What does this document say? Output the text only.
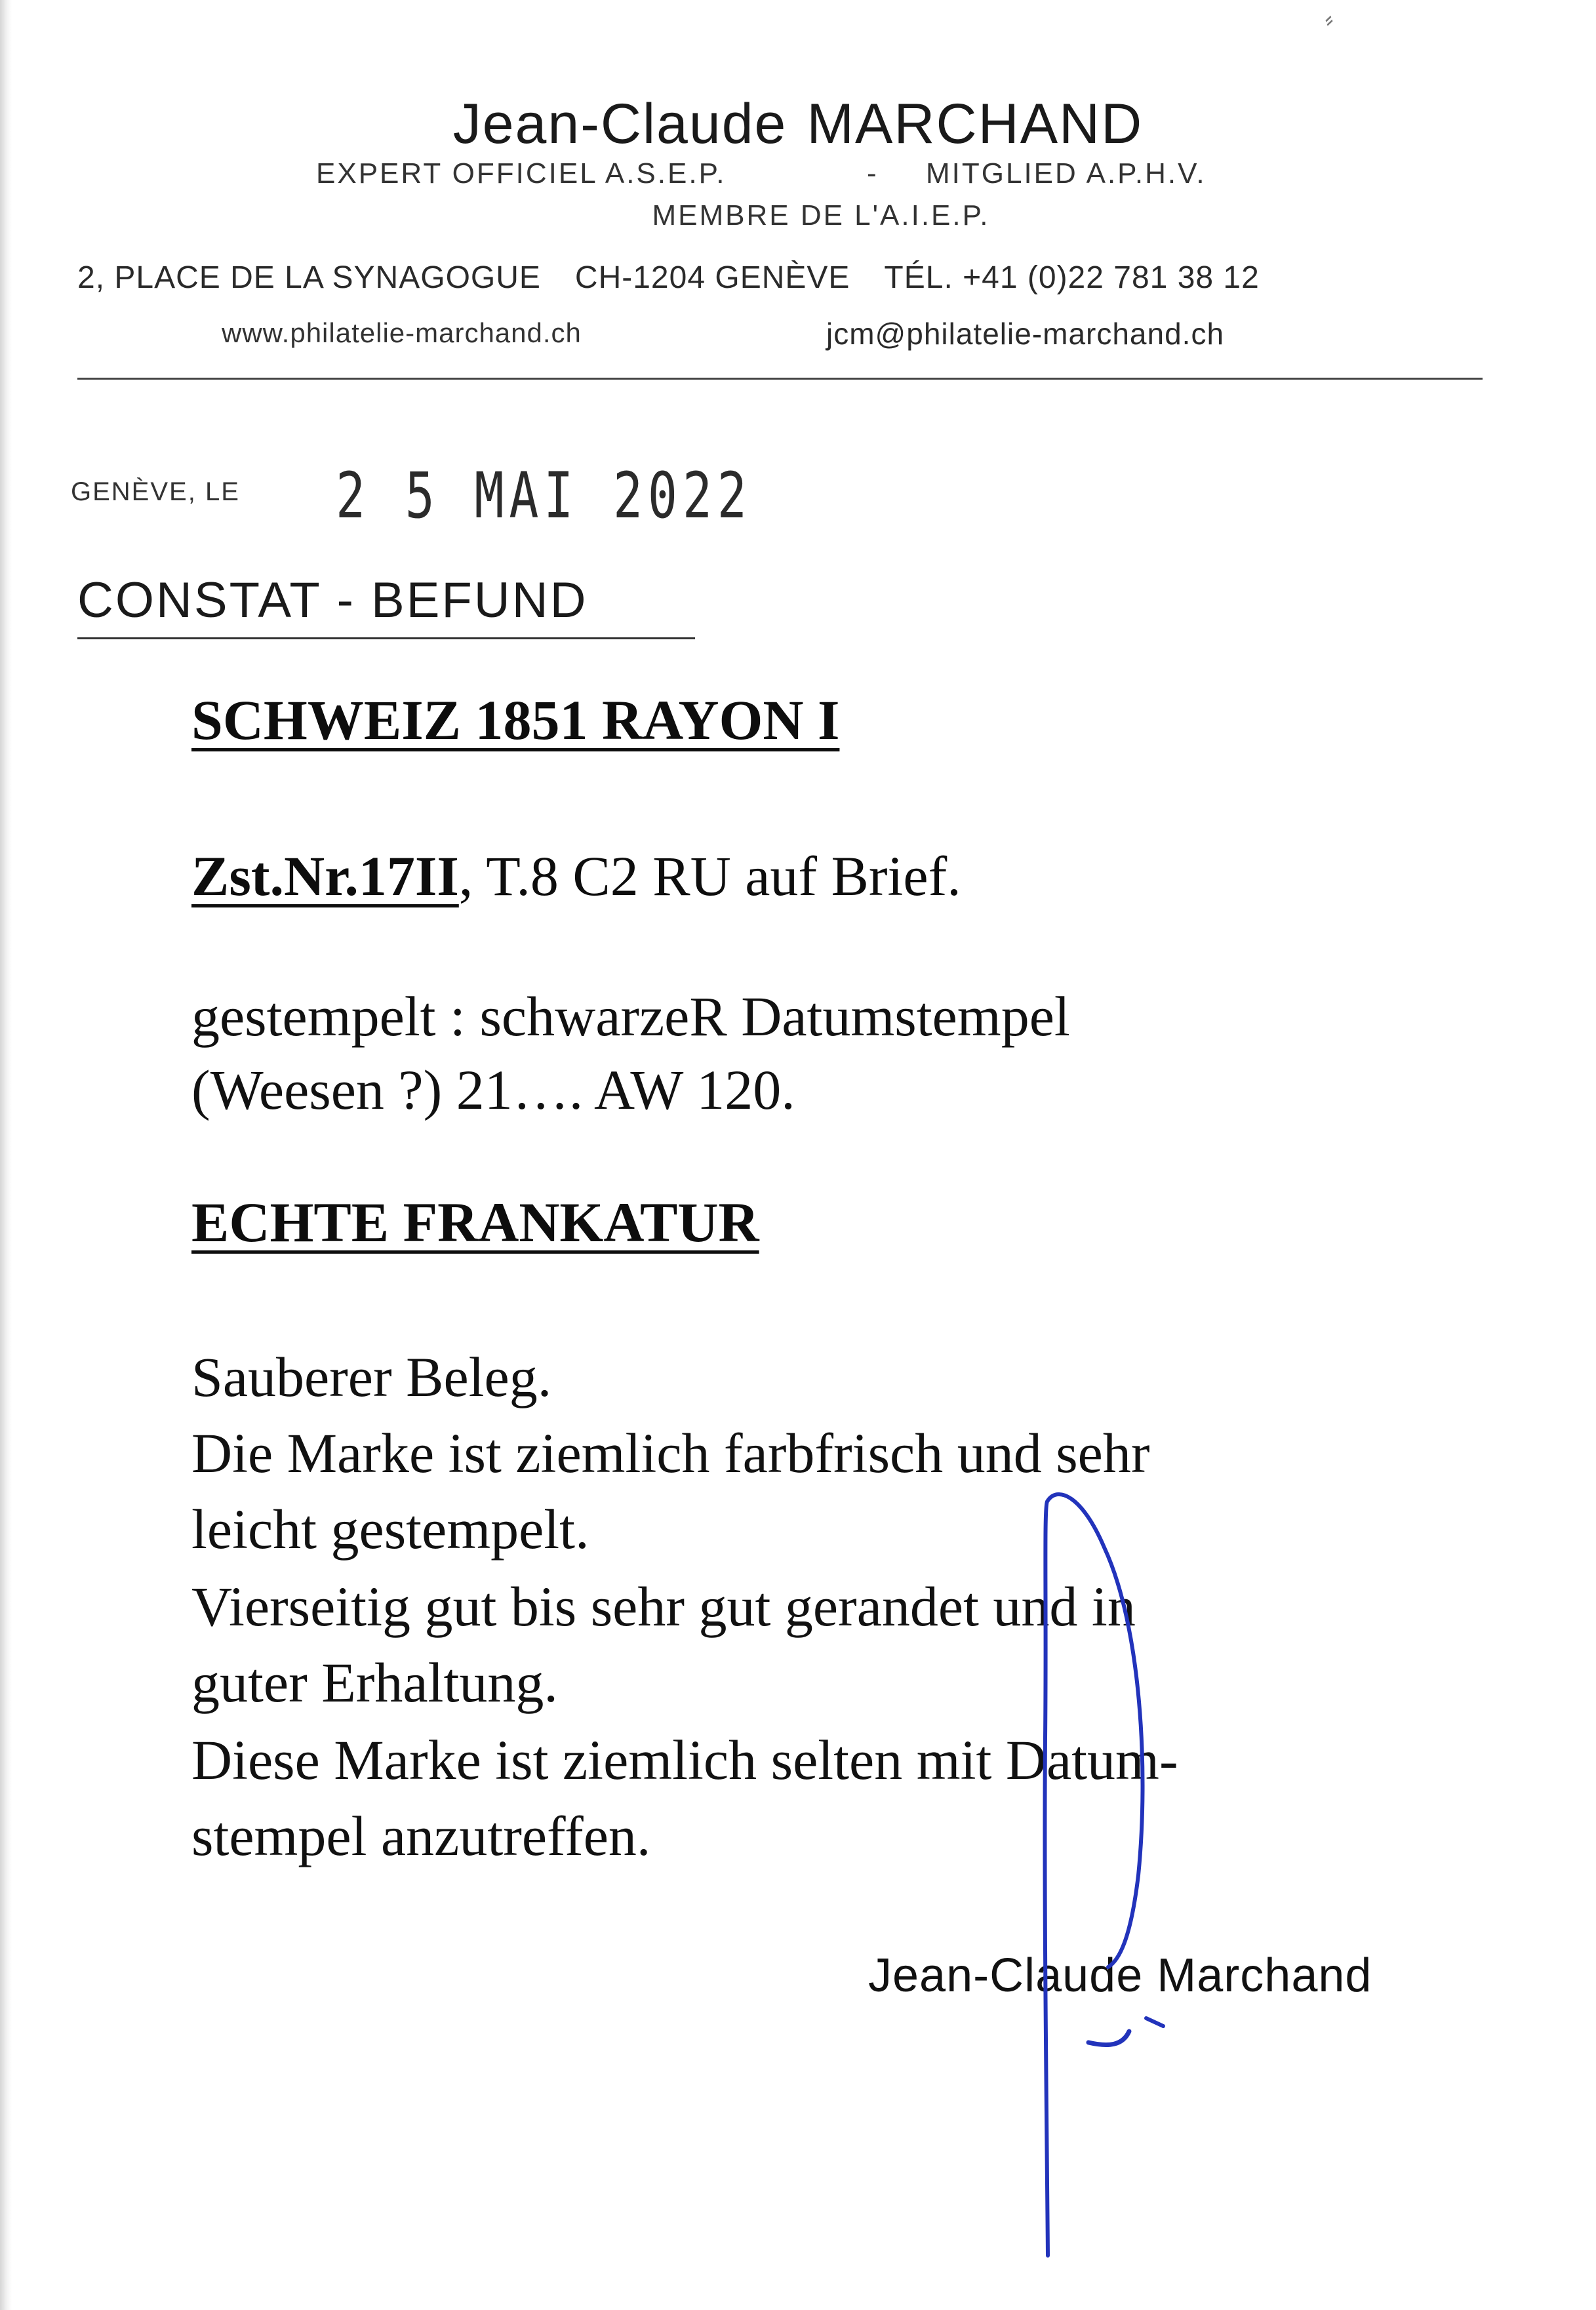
⸗
Jean-Claude MARCHAND
EXPERT OFFICIEL A.S.E.P.	- MITGLIED A.P.H.V.
MEMBRE DE L'A.I.E.P.
2, PLACE DE LA SYNAGOGUE CH-1204 GENÈVE TÉL. +41 (0)22 781 38 12
www.philatelie-marchand.ch	jcm@philatelie-marchand.ch
GENÈVE, LE 2 5 MAI 2022
CONSTAT - BEFUND
SCHWEIZ 1851 RAYON I
Zst.Nr.17II, T.8 C2 RU auf Brief.
gestempelt : schwarzeR Datumstempel
(Weesen ?) 21…. AW 120.
ECHTE FRANKATUR
Sauberer Beleg.
Die Marke ist ziemlich farbfrisch und sehr
leicht gestempelt.
Vierseitig gut bis sehr gut gerandet und in
guter Erhaltung.
Diese Marke ist ziemlich selten mit Datum-
stempel anzutreffen.
Jean-Claude Marchand
